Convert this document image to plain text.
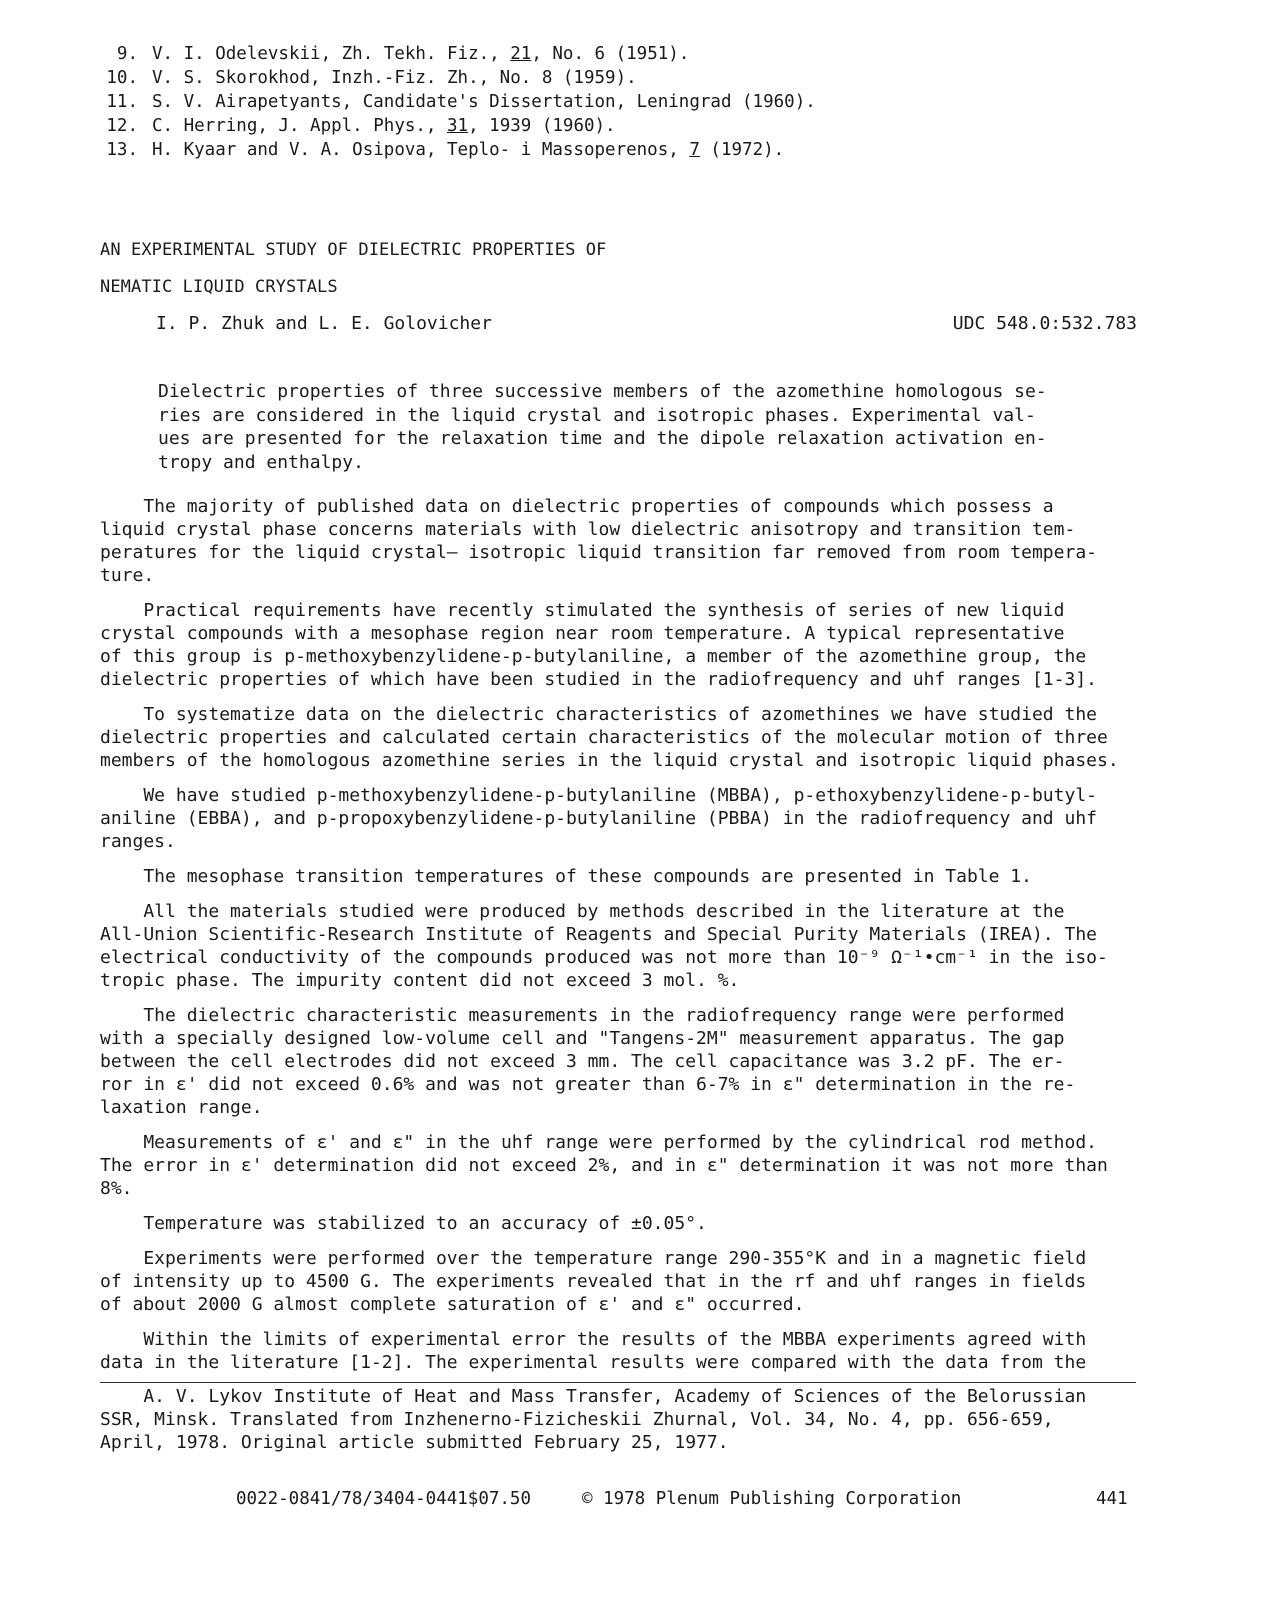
9. V. I. Odelevskii, Zh. Tekh. Fiz., 21 , No. 6 (1951).
10. V. S. Skorokhod, Inzh.-Fiz. Zh., No. 8 (1959).
11. S. V. Airapetyants, Candidate's Dissertation, Leningrad (1960).
12. C. Herring, J. Appl. Phys., 31 , 1939 (1960).
13. H. Kyaar and V. A. Osipova, Teplo- i Massoperenos, 7 (1972).
AN EXPERIMENTAL STUDY OF DIELECTRIC PROPERTIES OF
NEMATIC LIQUID CRYSTALS
I. P. Zhuk and L. E. Golovicher	UDC 548.0:532.783
Dielectric properties of three successive members of the azomethine homologous se-
ries are considered in the liquid crystal and isotropic phases. Experimental val-
ues are presented for the relaxation time and the dipole relaxation activation en-
tropy and enthalpy.
The majority of published data on dielectric properties of compounds which possess a
liquid crystal phase concerns materials with low dielectric anisotropy and transition tem-
peratures for the liquid crystal— isotropic liquid transition far removed from room tempera-
ture.
Practical requirements have recently stimulated the synthesis of series of new liquid
crystal compounds with a mesophase region near room temperature. A typical representative
of this group is p-methoxybenzylidene-p-butylaniline, a member of the azomethine group, the
dielectric properties of which have been studied in the radiofrequency and uhf ranges [1-3].
To systematize data on the dielectric characteristics of azomethines we have studied the
dielectric properties and calculated certain characteristics of the molecular motion of three
members of the homologous azomethine series in the liquid crystal and isotropic liquid phases.
We have studied p-methoxybenzylidene-p-butylaniline (MBBA), p-ethoxybenzylidene-p-butyl-
aniline (EBBA), and p-propoxybenzylidene-p-butylaniline (PBBA) in the radiofrequency and uhf
ranges.
The mesophase transition temperatures of these compounds are presented in Table 1.
All the materials studied were produced by methods described in the literature at the
All-Union Scientific-Research Institute of Reagents and Special Purity Materials (IREA). The
electrical conductivity of the compounds produced was not more than 10⁻⁹ Ω⁻¹•cm⁻¹ in the iso-
tropic phase. The impurity content did not exceed 3 mol. %.
The dielectric characteristic measurements in the radiofrequency range were performed
with a specially designed low-volume cell and "Tangens-2M" measurement apparatus. The gap
between the cell electrodes did not exceed 3 mm. The cell capacitance was 3.2 pF. The er-
ror in ε' did not exceed 0.6% and was not greater than 6-7% in ε" determination in the re-
laxation range.
Measurements of ε' and ε" in the uhf range were performed by the cylindrical rod method.
The error in ε' determination did not exceed 2%, and in ε" determination it was not more than
8%.
Temperature was stabilized to an accuracy of ±0.05°.
Experiments were performed over the temperature range 290-355°K and in a magnetic field
of intensity up to 4500 G. The experiments revealed that in the rf and uhf ranges in fields
of about 2000 G almost complete saturation of ε' and ε" occurred.
Within the limits of experimental error the results of the MBBA experiments agreed with
data in the literature [1-2]. The experimental results were compared with the data from the
A. V. Lykov Institute of Heat and Mass Transfer, Academy of Sciences of the Belorussian
SSR, Minsk. Translated from Inzhenerno-Fizicheskii Zhurnal, Vol. 34, No. 4, pp. 656-659,
April, 1978. Original article submitted February 25, 1977.
0022-0841/78/3404-0441$07.50	© 1978 Plenum Publishing Corporation	441
